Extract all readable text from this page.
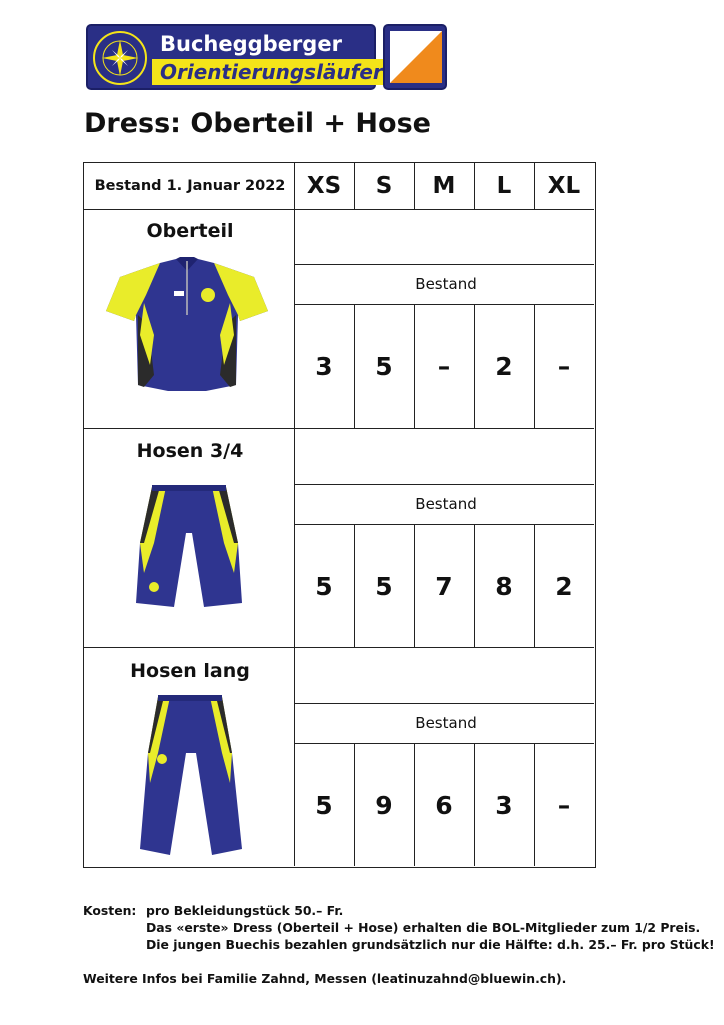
Bucheggberger
Orientierungsläufer
Dress: Oberteil + Hose
Bestand 1. Januar 2022 XS	S	M	L	XL
Oberteil
Bestand
3	5	–	2	–
Hosen 3/4
Bestand
5	5	7	8	2
Hosen lang
Bestand
5	9	6	3	–
Kosten: pro Bekleidungstück 50.– Fr.
Das «erste» Dress (Oberteil + Hose) erhalten die BOL-Mitglieder zum 1/2 Preis.
Die jungen Buechis bezahlen grundsätzlich nur die Hälfte: d.h. 25.– Fr. pro Stück!
Weitere Infos bei Familie Zahnd, Messen (leatinuzahnd@bluewin.ch).
